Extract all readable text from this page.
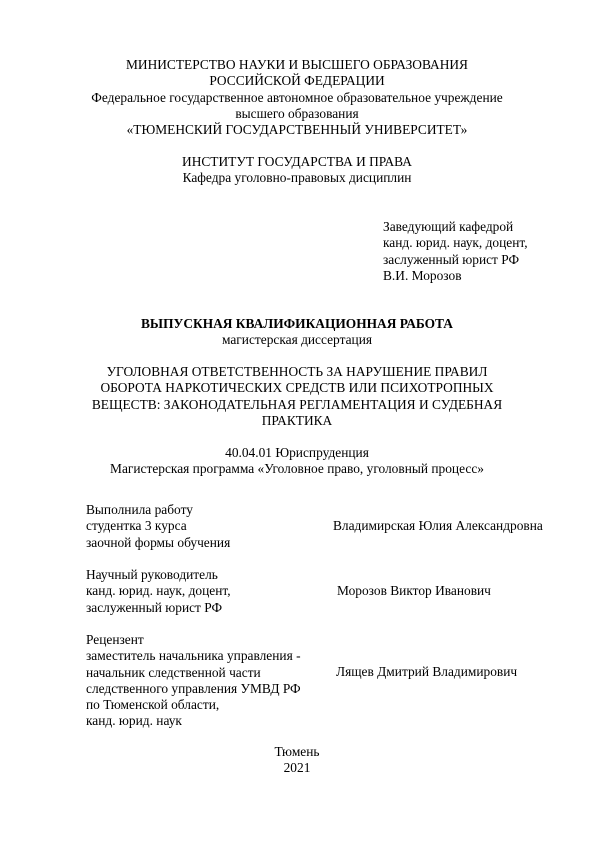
МИНИСТЕРСТВО НАУКИ И ВЫСШЕГО ОБРАЗОВАНИЯ
РОССИЙСКОЙ ФЕДЕРАЦИИ
Федеральное государственное автономное образовательное учреждение
высшего образования
«ТЮМЕНСКИЙ ГОСУДАРСТВЕННЫЙ УНИВЕРСИТЕТ»
ИНСТИТУТ ГОСУДАРСТВА И ПРАВА
Кафедра уголовно-правовых дисциплин
Заведующий кафедрой
канд. юрид. наук, доцент,
заслуженный юрист РФ
В.И. Морозов
ВЫПУСКНАЯ КВАЛИФИКАЦИОННАЯ РАБОТА
магистерская диссертация
УГОЛОВНАЯ ОТВЕТСТВЕННОСТЬ ЗА НАРУШЕНИЕ ПРАВИЛ
ОБОРОТА НАРКОТИЧЕСКИХ СРЕДСТВ ИЛИ ПСИХОТРОПНЫХ
ВЕЩЕСТВ: ЗАКОНОДАТЕЛЬНАЯ РЕГЛАМЕНТАЦИЯ И СУДЕБНАЯ
ПРАКТИКА
40.04.01 Юриспруденция
Магистерская программа «Уголовное право, уголовный процесс»
Выполнила работу
студентка 3 курса
заочной формы обучения
Владимирская Юлия Александровна
Научный руководитель
канд. юрид. наук, доцент,
заслуженный юрист РФ
Морозов Виктор Иванович
Рецензент
заместитель начальника управления -
начальник следственной части
следственного управления УМВД РФ
по Тюменской области,
канд. юрид. наук
Лящев Дмитрий Владимирович
Тюмень
2021
